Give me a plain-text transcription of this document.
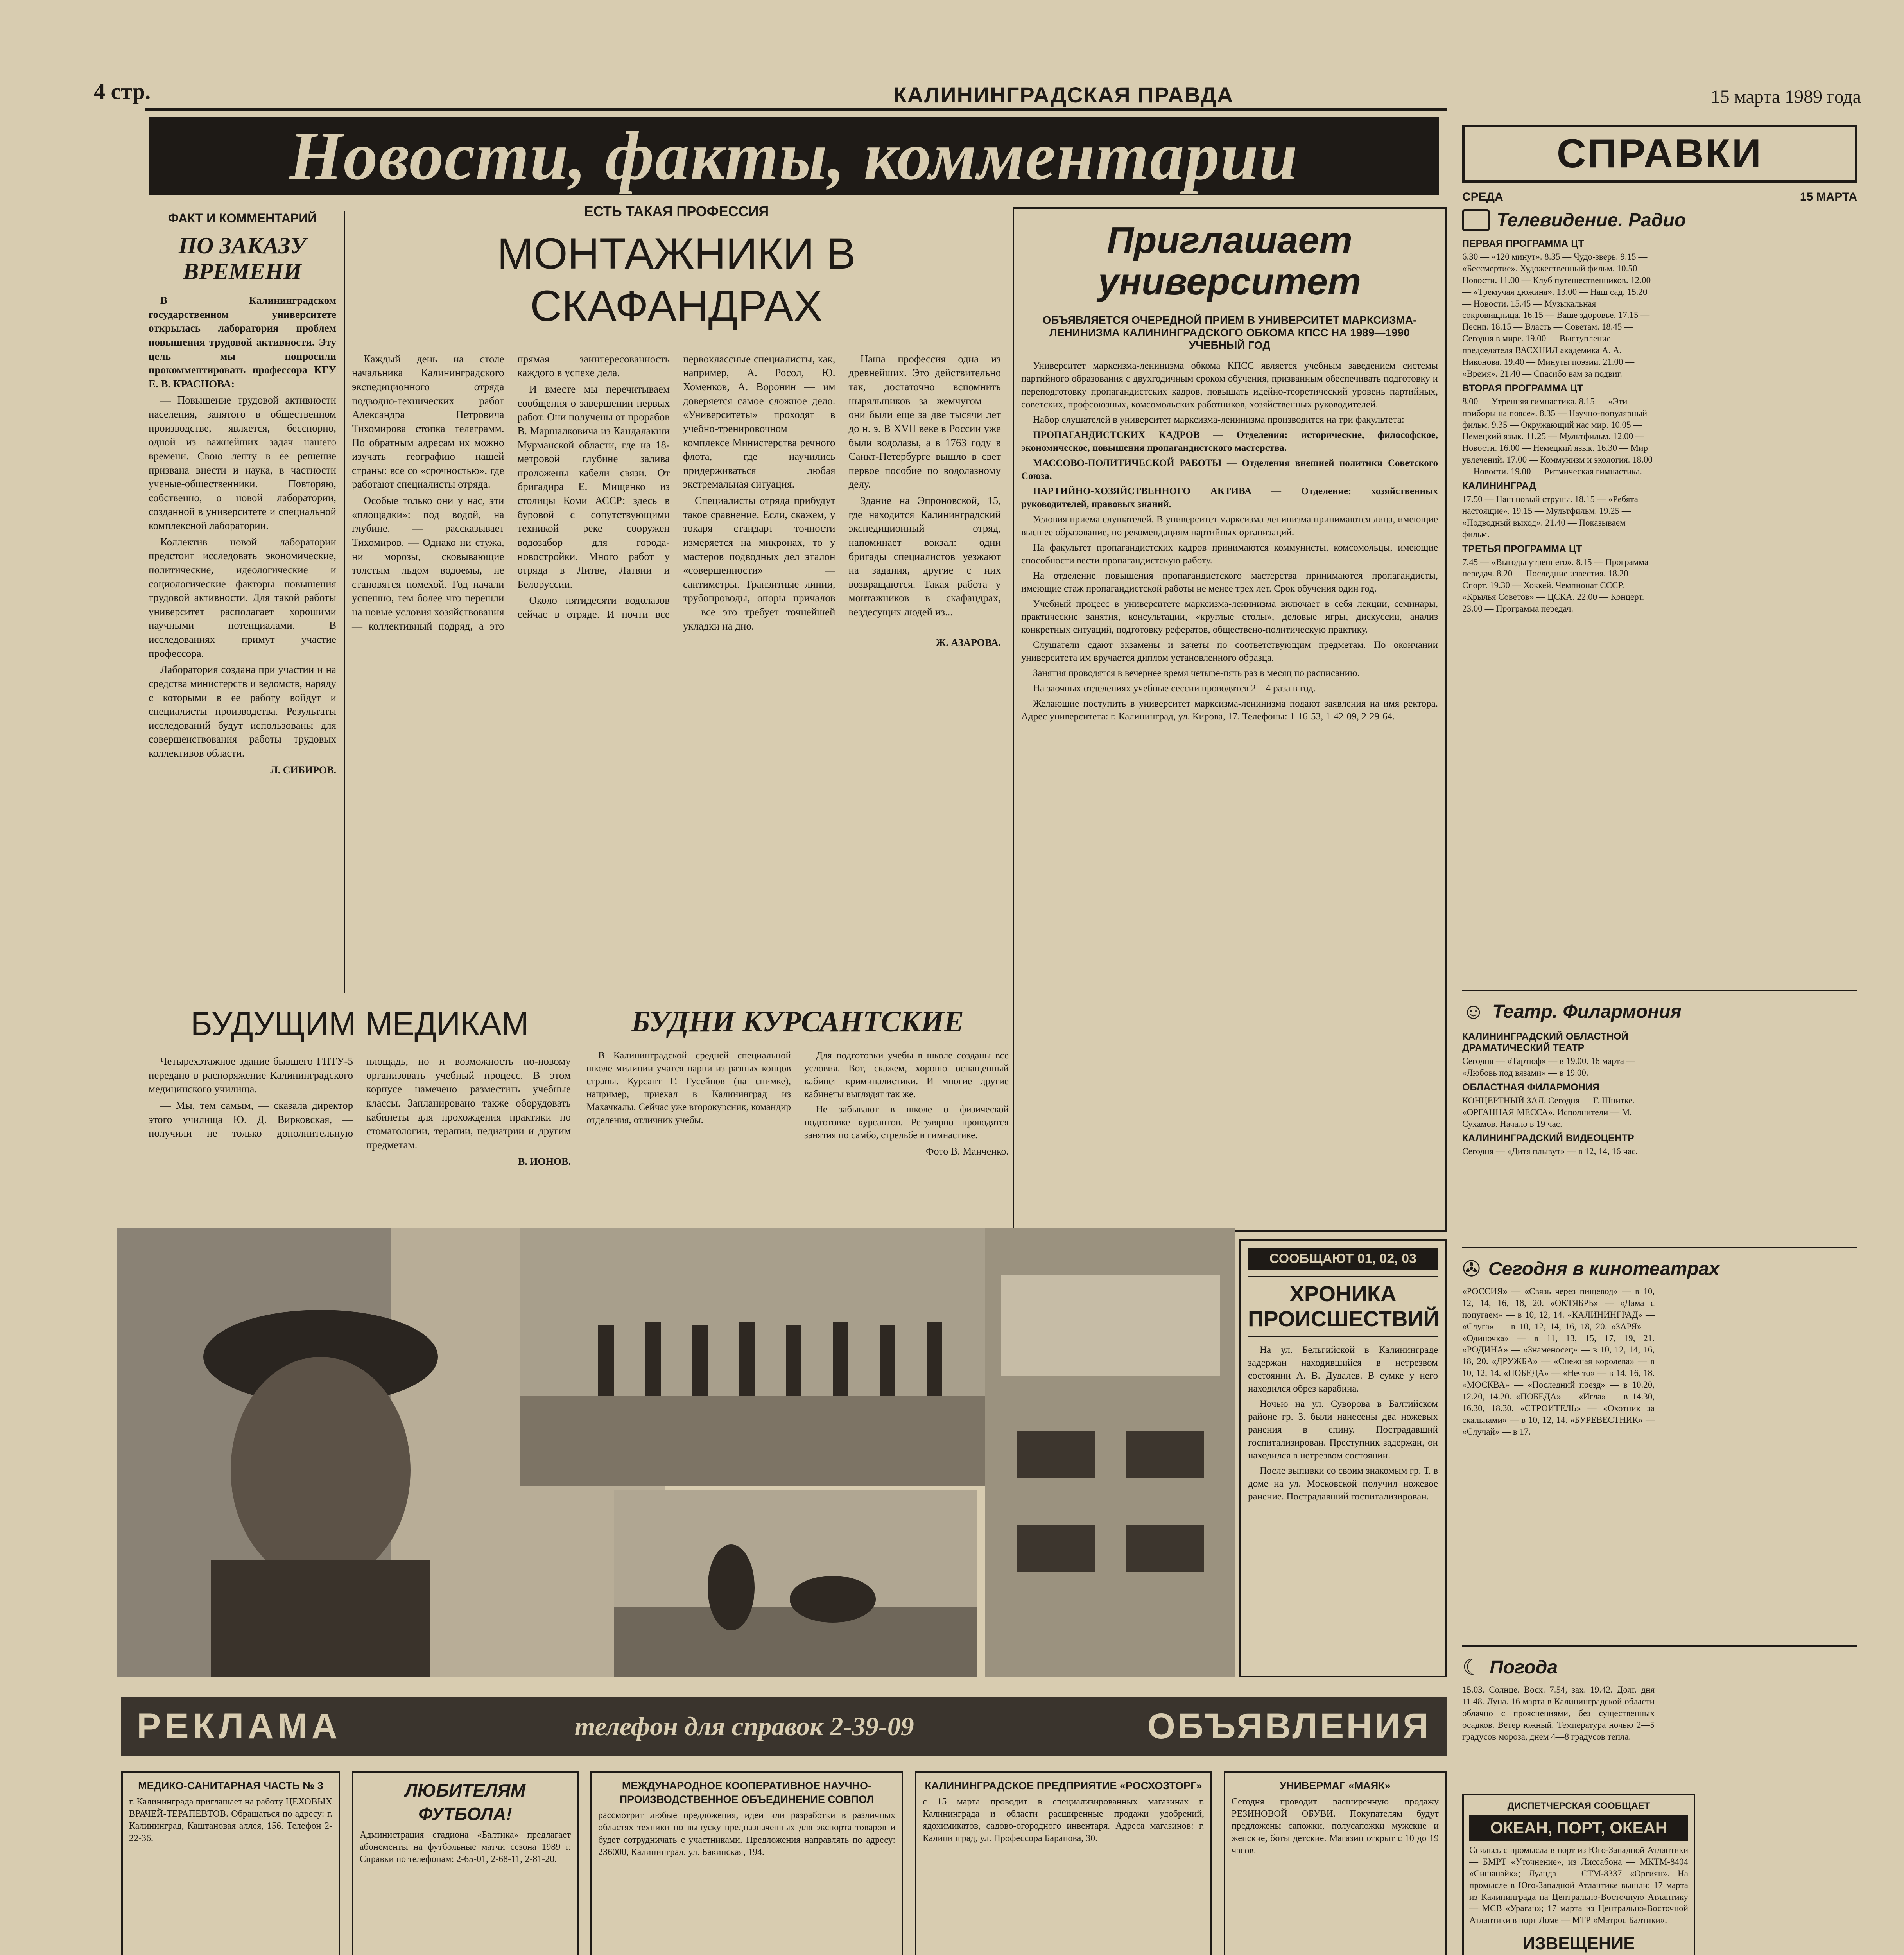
4 стр.	КАЛИНИНГРАДСКАЯ ПРАВДА	15 марта 1989 года
Новости, факты, комментарии
ФАКТ И КОММЕНТАРИЙ
ПО ЗАКАЗУ ВРЕМЕНИ

В Калининградском государственном университете открылась лаборатория проблем повышения трудовой активности. Эту цель мы попросили прокомментировать профессора КГУ Е. В. КРАСНОВА:

— Повышение трудовой активности населения, занятого в общественном производстве, является, бесспорно, одной из важнейших задач нашего времени. Свою лепту в ее решение призвана внести и наука, в частности ученые-общественники. Повторяю, собственно, о новой лаборатории, созданной в университете и специальной комплексной лаборатории.

Коллектив новой лаборатории предстоит исследовать экономические, политические, идеологические и социологические факторы повышения трудовой активности. Для такой работы университет располагает хорошими научными потенциалами. В исследованиях примут участие профессора.

Лаборатория создана при участии и на средства министерств и ведомств, наряду с которыми в ее работу войдут и специалисты производства. Результаты исследований будут использованы для совершенствования работы трудовых коллективов области.

Л. СИБИРОВ.
ЕСТЬ ТАКАЯ ПРОФЕССИЯ
МОНТАЖНИКИ В СКАФАНДРАХ

Каждый день на столе начальника Калининградского экспедиционного отряда подводно-технических работ Александра Петровича Тихомирова стопка телеграмм. По обратным адресам их можно изучать географию нашей страны: все со «срочностью», где работают специалисты отряда.

Особые только они у нас, эти «площадки»: под водой, на глубине, — рассказывает Тихомиров. — Однако ни стужа, ни морозы, сковывающие толстым льдом водоемы, не становятся помехой. Год начали успешно, тем более что перешли на новые условия хозяйствования — коллективный подряд, а это прямая заинтересованность каждого в успехе дела.

И вместе мы перечитываем сообщения о завершении первых работ. Они получены от прорабов В. Маршалковича из Кандалакши Мурманской области, где на 18-метровой глубине залива проложены кабели связи. От бригадира Е. Мищенко из столицы Коми АССР: здесь в буровой с сопутствующими техникой реке сооружен водозабор для города-новостройки. Много работ у отряда в Литве, Латвии и Белоруссии.

Около пятидесяти водолазов сейчас в отряде. И почти все первоклассные специалисты, как, например, А. Росол, Ю. Хоменков, А. Воронин — им доверяется самое сложное дело. «Университеты» проходят в учебно-тренировочном комплексе Министерства речного флота, где научились придерживаться любая экстремальная ситуация.

Специалисты отряда прибудут такое сравнение. Если, скажем, у токаря стандарт точности измеряется на микронах, то у мастеров подводных дел эталон «совершенности» — сантиметры. Транзитные линии, трубопроводы, опоры причалов — все это требует точнейшей укладки на дно.

Наша профессия одна из древнейших. Это действительно так, достаточно вспомнить ныряльщиков за жемчугом — они были еще за две тысячи лет до н. э. В XVII веке в России уже были водолазы, а в 1763 году в Санкт-Петербурге вышло в свет первое пособие по водолазному делу.

Здание на Эпроновской, 15, где находится Калининградский экспедиционный отряд, напоминает вокзал: одни бригады специалистов уезжают на задания, другие с них возвращаются. Такая работа у монтажников в скафандрах, вездесущих людей из...

Ж. АЗАРОВА.
Приглашает университет
ОБЪЯВЛЯЕТСЯ ОЧЕРЕДНОЙ ПРИЕМ В УНИВЕРСИТЕТ МАРКСИЗМА-ЛЕНИНИЗМА КАЛИНИНГРАДСКОГО ОБКОМА КПСС НА 1989—1990 УЧЕБНЫЙ ГОД

Университет марксизма-ленинизма обкома КПСС является учебным заведением системы партийного образования с двухгодичным сроком обучения, призванным обеспечивать подготовку и переподготовку пропагандистских кадров, повышать идейно-теоретический уровень партийных, советских, профсоюзных, комсомольских работников, хозяйственных руководителей.

Набор слушателей в университет марксизма-ленинизма производится на три факультета:

ПРОПАГАНДИСТСКИХ КАДРОВ — Отделения: исторические, философское, экономическое, повышения пропагандистского мастерства.

МАССОВО-ПОЛИТИЧЕСКОЙ РАБОТЫ — Отделения внешней политики Советского Союза.

ПАРТИЙНО-ХОЗЯЙСТВЕННОГО АКТИВА — Отделение: хозяйственных руководителей, правовых знаний.

Условия приема слушателей. В университет марксизма-ленинизма принимаются лица, имеющие высшее образование, по рекомендациям партийных организаций.

На факультет пропагандистских кадров принимаются коммунисты, комсомольцы, имеющие способности вести пропагандистскую работу.

На отделение повышения пропагандистского мастерства принимаются пропагандисты, имеющие стаж пропагандистской работы не менее трех лет. Срок обучения один год.

Учебный процесс в университете марксизма-ленинизма включает в себя лекции, семинары, практические занятия, консультации, «круглые столы», деловые игры, дискуссии, анализ конкретных ситуаций, подготовку рефератов, обществено-политическую практику.

Слушатели сдают экзамены и зачеты по соответствующим предметам. По окончании университета им вручается диплом установленного образца.

Занятия проводятся в вечернее время четыре-пять раз в месяц по расписанию.

На заочных отделениях учебные сессии проводятся 2—4 раза в год.

Желающие поступить в университет марксизма-ленинизма подают заявления на имя ректора. Адрес университета: г. Калининград, ул. Кирова, 17. Телефоны: 1-16-53, 1-42-09, 2-29-64.

БУДУЩИМ МЕДИКАМ

Четырехэтажное здание бывшего ГПТУ-5 передано в распоряжение Калининградского медицинского училища.

— Мы, тем самым, — сказала директор этого училища Ю. Д. Вирковская, — получили не только дополнительную площадь, но и возможность по-новому организовать учебный процесс. В этом корпусе намечено разместить учебные классы. Запланировано также оборудовать кабинеты для прохождения практики по стоматологии, терапии, педиатрии и другим предметам.

В. ИОНОВ.
БУДНИ КУРСАНТСКИЕ

В Калининградской средней специальной школе милиции учатся парни из разных концов страны. Курсант Г. Гусейнов (на снимке), например, приехал в Калининград из Махачкалы. Сейчас уже второкурсник, командир отделения, отличник учебы.

Для подготовки учебы в школе созданы все условия. Вот, скажем, хорошо оснащенный кабинет криминалистики. И многие другие кабинеты выглядят так же.

Не забывают в школе о физической подготовке курсантов. Регулярно проводятся занятия по самбо, стрельбе и гимнастике.

Фото В. Манченко.
СООБЩАЮТ 01, 02, 03
ХРОНИКА ПРОИСШЕСТВИЙ

На ул. Бельгийской в Калининграде задержан находившийся в нетрезвом состоянии А. В. Дудалев. В сумке у него находился обрез карабина.

Ночью на ул. Суворова в Балтийском районе гр. З. были нанесены два ножевых ранения в спину. Пострадавший госпитализирован. Преступник задержан, он находился в нетрезвом состоянии.

После выпивки со своим знакомым гр. Т. в доме на ул. Московской получил ножевое ранение. Пострадавший госпитализирован.

СПРАВКИ
СРЕДА	15 МАРТА
Телевидение. Радио
ПЕРВАЯ ПРОГРАММА ЦТ
6.30 — «120 минут». 8.35 — Чудо-зверь. 9.15 — «Бессмертие». Художественный фильм. 10.50 — Новости. 11.00 — Клуб путешественников. 12.00 — «Тремучая дюжина». 13.00 — Наш сад. 15.20 — Новости. 15.45 — Музыкальная сокровищница. 16.15 — Ваше здоровье. 17.15 — Песни. 18.15 — Власть — Советам. 18.45 — Сегодня в мире. 19.00 — Выступление председателя ВАСХНИЛ академика А. А. Никонова. 19.40 — Минуты поэзии. 21.00 — «Время». 21.40 — Спасибо вам за подвиг.
ВТОРАЯ ПРОГРАММА ЦТ
8.00 — Утренняя гимнастика. 8.15 — «Эти приборы на поясе». 8.35 — Научно-популярный фильм. 9.35 — Окружающий нас мир. 10.05 — Немецкий язык. 11.25 — Мультфильм. 12.00 — Новости. 16.00 — Немецкий язык. 16.30 — Мир увлечений. 17.00 — Коммунизм и экология. 18.00 — Новости. 19.00 — Ритмическая гимнастика.
КАЛИНИНГРАД
17.50 — Наш новый струны. 18.15 — «Ребята настоящие». 19.15 — Мультфильм. 19.25 — «Подводный выход». 21.40 — Показываем фильм.
ТРЕТЬЯ ПРОГРАММА ЦТ
7.45 — «Выгоды утреннего». 8.15 — Программа передач. 8.20 — Последние известия. 18.20 — Спорт. 19.30 — Хоккей. Чемпионат СССР. «Крылья Советов» — ЦСКА. 22.00 — Концерт. 23.00 — Программа передач.
☺ Театр. Филармония
КАЛИНИНГРАДСКИЙ ОБЛАСТНОЙ ДРАМАТИЧЕСКИЙ ТЕАТР
Сегодня — «Тартюф» — в 19.00. 16 марта — «Любовь под вязами» — в 19.00.
ОБЛАСТНАЯ ФИЛАРМОНИЯ
КОНЦЕРТНЫЙ ЗАЛ. Сегодня — Г. Шнитке. «ОРГАННАЯ МЕССА». Исполнители — М. Сухамов. Начало в 19 час.
КАЛИНИНГРАДСКИЙ ВИДЕОЦЕНТР
Сегодня — «Дитя плывут» — в 12, 14, 16 час.
✇ Сегодня в кинотеатрах
«РОССИЯ» — «Связь через пищевод» — в 10, 12, 14, 16, 18, 20. «ОКТЯБРЬ» — «Дама с попугаем» — в 10, 12, 14. «КАЛИНИНГРАД» — «Слуга» — в 10, 12, 14, 16, 18, 20. «ЗАРЯ» — «Одиночка» — в 11, 13, 15, 17, 19, 21. «РОДИНА» — «Знаменосец» — в 10, 12, 14, 16, 18, 20. «ДРУЖБА» — «Снежная королева» — в 10, 12, 14. «ПОБЕДА» — «Нечто» — в 14, 16, 18. «МОСКВА» — «Последний поезд» — в 10.20, 12.20, 14.20. «ПОБЕДА» — «Игла» — в 14.30, 16.30, 18.30. «СТРОИТЕЛЬ» — «Охотник за скальпами» — в 10, 12, 14. «БУРЕВЕСТНИК» — «Случай» — в 17.
☾ Погода
15.03. Солнце. Восх. 7.54, зах. 19.42. Долг. дня 11.48. Луна. 16 марта в Калининградской области облачно с прояснениями, без существенных осадков. Ветер южный. Температура ночью 2—5 градусов мороза, днем 4—8 градусов тепла.
ДИСПЕТЧЕРСКАЯ СООБЩАЕТ
ОКЕАН, ПОРТ, ОКЕАН
Сняльсь с промысла в порт из Юго-Западной Атлантики — БМРТ «Уточнение», из Лиссабона — МКТМ-8404 «Сишанайк»; Луанда — СТМ-8337 «Оргиян». На промысле в Юго-Западной Атлантике вышли: 17 марта из Калининграда на Центрально-Восточную Атлантику — МСВ «Ураган»; 17 марта из Центрально-Восточной Атлантики в порт Ломе — МТР «Матрос Балтики».
ИЗВЕЩЕНИЕ

РЕКЛАМА	телефон для справок 2-39-09	ОБЪЯВЛЕНИЯ
МЕДИКО-САНИТАРНАЯ ЧАСТЬ № 3
г. Калининграда приглашает на работу ЦЕХОВЫХ ВРАЧЕЙ-ТЕРАПЕВТОВ. Обращаться по адресу: г. Калининград, Каштановая аллея, 156. Телефон 2-22-36.
ЛЮБИТЕЛЯМ ФУТБОЛА!
Администрация стадиона «Балтика» предлагает абонементы на футбольные матчи сезона 1989 г. Справки по телефонам: 2-65-01, 2-68-11, 2-81-20.
МЕЖДУНАРОДНОЕ КООПЕРАТИВНОЕ НАУЧНО-ПРОИЗВОДСТВЕННОЕ ОБЪЕДИНЕНИЕ СОВПОЛ
рассмотрит любые предложения, идеи или разработки в различных областях техники по выпуску предназначенных для экспорта товаров и будет сотрудничать с участниками. Предложения направлять по адресу: 236000, Калининград, ул. Бакинская, 194.
КАЛИНИНГРАДСКОЕ ПРЕДПРИЯТИЕ «РОСХОЗТОРГ»
с 15 марта проводит в специализированных магазинах г. Калининграда и области расширенные продажи удобрений, ядохимикатов, садово-огородного инвентаря. Адреса магазинов: г. Калининград, ул. Профессора Баранова, 30.
УНИВЕРМАГ «МАЯК»
Сегодня проводит расширенную продажу РЕЗИНОВОЙ ОБУВИ. Покупателям будут предложены сапожки, полусапожки мужские и женские, боты детские. Магазин открыт с 10 до 19 часов.
